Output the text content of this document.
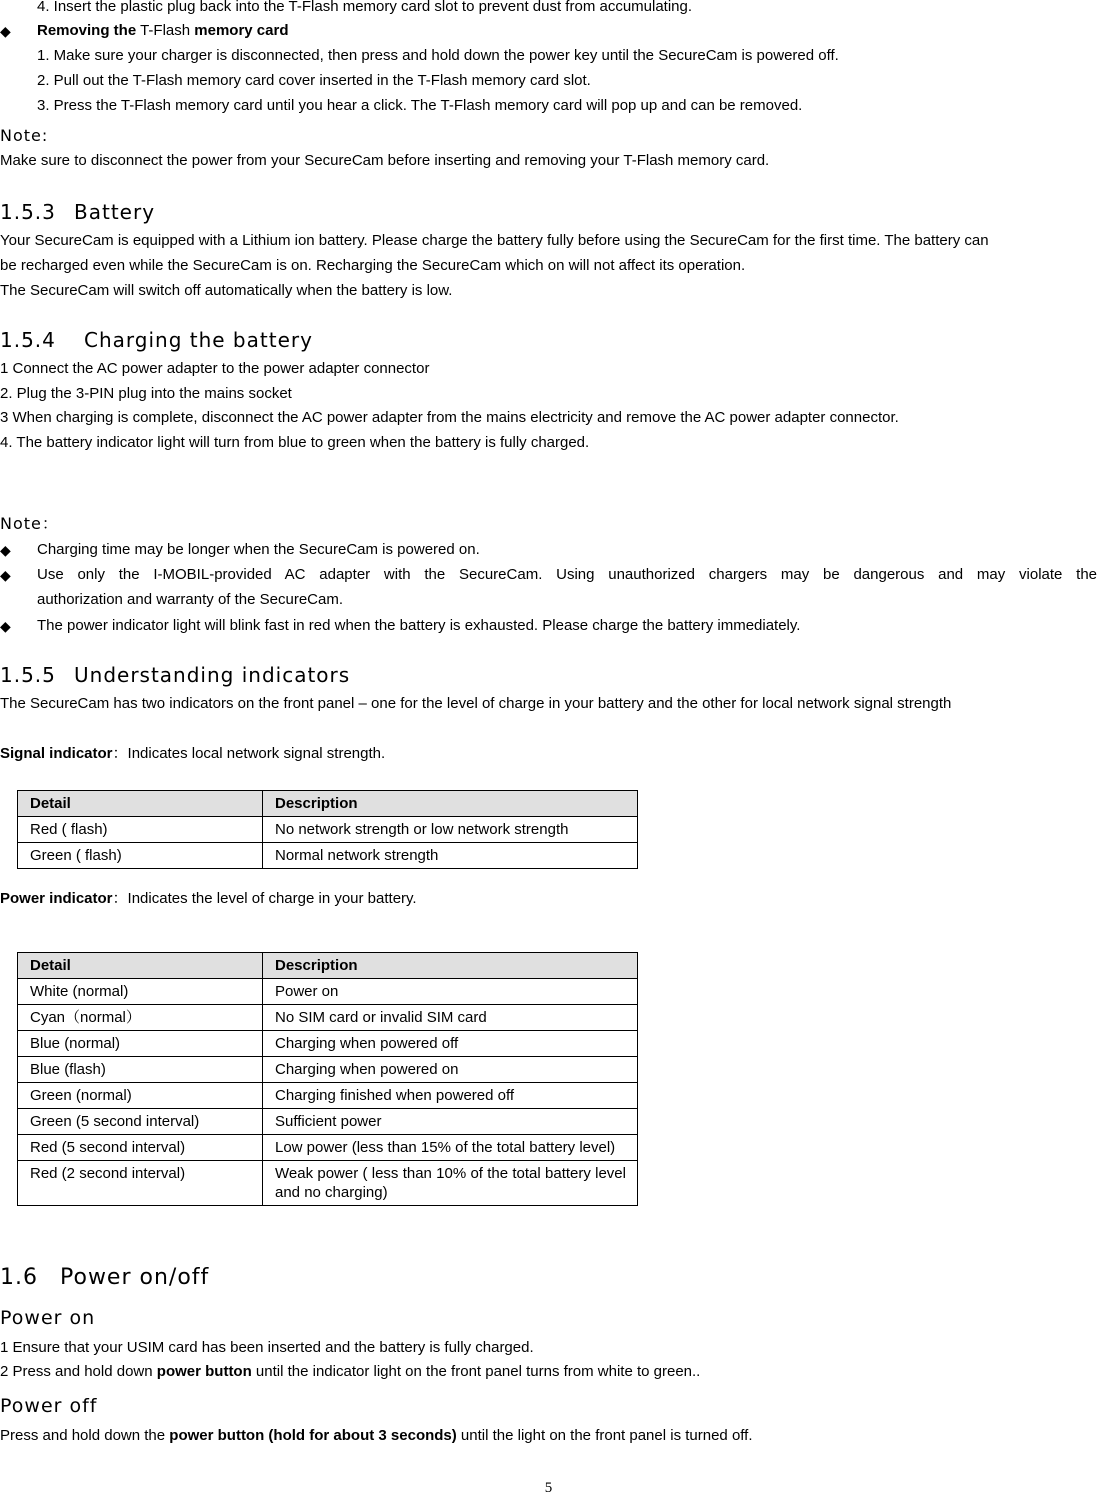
4. Insert the plastic plug back into the T-Flash memory card slot to prevent dust from accumulating.
◆ Removing the T-Flash memory card
1. Make sure your charger is disconnected, then press and hold down the power key until the SecureCam is powered off.
2. Pull out the T-Flash memory card cover inserted in the T-Flash memory card slot.
3. Press the T-Flash memory card until you hear a click. The T-Flash memory card will pop up and can be removed.
Note:
Make sure to disconnect the power from your SecureCam before inserting and removing your T-Flash memory card.
1.5.3 Battery
Your SecureCam is equipped with a Lithium ion battery. Please charge the battery fully before using the SecureCam for the first time. The battery can
be recharged even while the SecureCam is on. Recharging the SecureCam which on will not affect its operation.
The SecureCam will switch off automatically when the battery is low.
1.5.4 Charging the battery
1 Connect the AC power adapter to the power adapter connector
2. Plug the 3-PIN plug into the mains socket
3 When charging is complete, disconnect the AC power adapter from the mains electricity and remove the AC power adapter connector.
4. The battery indicator light will turn from blue to green when the battery is fully charged.
Note：
◆ Charging time may be longer when the SecureCam is powered on.
◆ Use only the I-MOBIL-provided AC adapter with the SecureCam. Using unauthorized chargers may be dangerous and may violate the
authorization and warranty of the SecureCam.
◆ The power indicator light will blink fast in red when the battery is exhausted. Please charge the battery immediately.
1.5.5 Understanding indicators
The SecureCam has two indicators on the front panel – one for the level of charge in your battery and the other for local network signal strength
Signal indicator：Indicates local network signal strength.
Detail	Description
Red ( flash)	No network strength or low network strength
Green ( flash)	Normal network strength
Power indicator：Indicates the level of charge in your battery.
Detail	Description
White (normal)	Power on
Cyan（normal）	No SIM card or invalid SIM card
Blue (normal)	Charging when powered off
Blue (flash)	Charging when powered on
Green (normal)	Charging finished when powered off
Green (5 second interval)	Sufficient power
Red (5 second interval)	Low power (less than 15% of the total battery level)
Red (2 second interval)	Weak power ( less than 10% of the total battery level and no charging)
1.6 Power on/off
Power on
1 Ensure that your USIM card has been inserted and the battery is fully charged.
2 Press and hold down power button until the indicator light on the front panel turns from white to green..
Power off
Press and hold down the power button (hold for about 3 seconds) until the light on the front panel is turned off.
5
